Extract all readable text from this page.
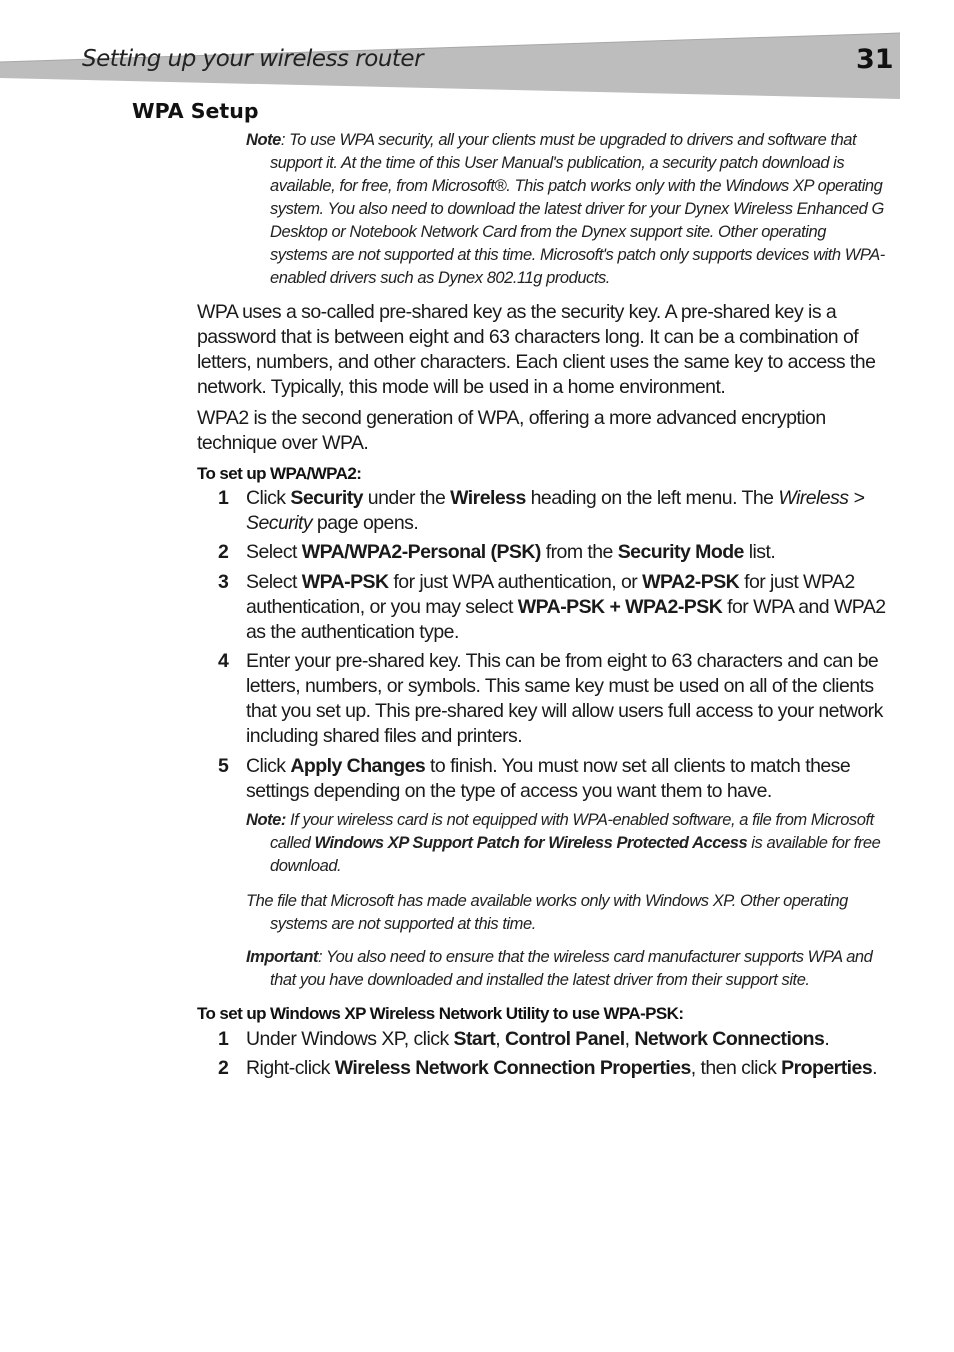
Setting up your wireless router	31
WPA Setup
Note: To use WPA security, all your clients must be upgraded to drivers and software that support it. At the time of this User Manual's publication, a security patch download is available, for free, from Microsoft®. This patch works only with the Windows XP operating system. You also need to download the latest driver for your Dynex Wireless Enhanced G Desktop or Notebook Network Card from the Dynex support site. Other operating systems are not supported at this time. Microsoft's patch only supports devices with WPA-enabled drivers such as Dynex 802.11g products.
WPA uses a so-called pre-shared key as the security key. A pre-shared key is a password that is between eight and 63 characters long. It can be a combination of letters, numbers, and other characters. Each client uses the same key to access the network. Typically, this mode will be used in a home environment.
WPA2 is the second generation of WPA, offering a more advanced encryption technique over WPA.
To set up WPA/WPA2:
1 Click Security under the Wireless heading on the left menu. The Wireless > Security page opens.
2 Select WPA/WPA2-Personal (PSK) from the Security Mode list.
3 Select WPA-PSK for just WPA authentication, or WPA2-PSK for just WPA2 authentication, or you may select WPA-PSK + WPA2-PSK for WPA and WPA2 as the authentication type.
4 Enter your pre-shared key. This can be from eight to 63 characters and can be letters, numbers, or symbols. This same key must be used on all of the clients that you set up. This pre-shared key will allow users full access to your network including shared files and printers.
5 Click Apply Changes to finish. You must now set all clients to match these settings depending on the type of access you want them to have.
Note: If your wireless card is not equipped with WPA-enabled software, a file from Microsoft called Windows XP Support Patch for Wireless Protected Access is available for free download.
The file that Microsoft has made available works only with Windows XP. Other operating systems are not supported at this time.
Important: You also need to ensure that the wireless card manufacturer supports WPA and that you have downloaded and installed the latest driver from their support site.
To set up Windows XP Wireless Network Utility to use WPA-PSK:
1 Under Windows XP, click Start, Control Panel, Network Connections.
2 Right-click Wireless Network Connection Properties, then click Properties.
